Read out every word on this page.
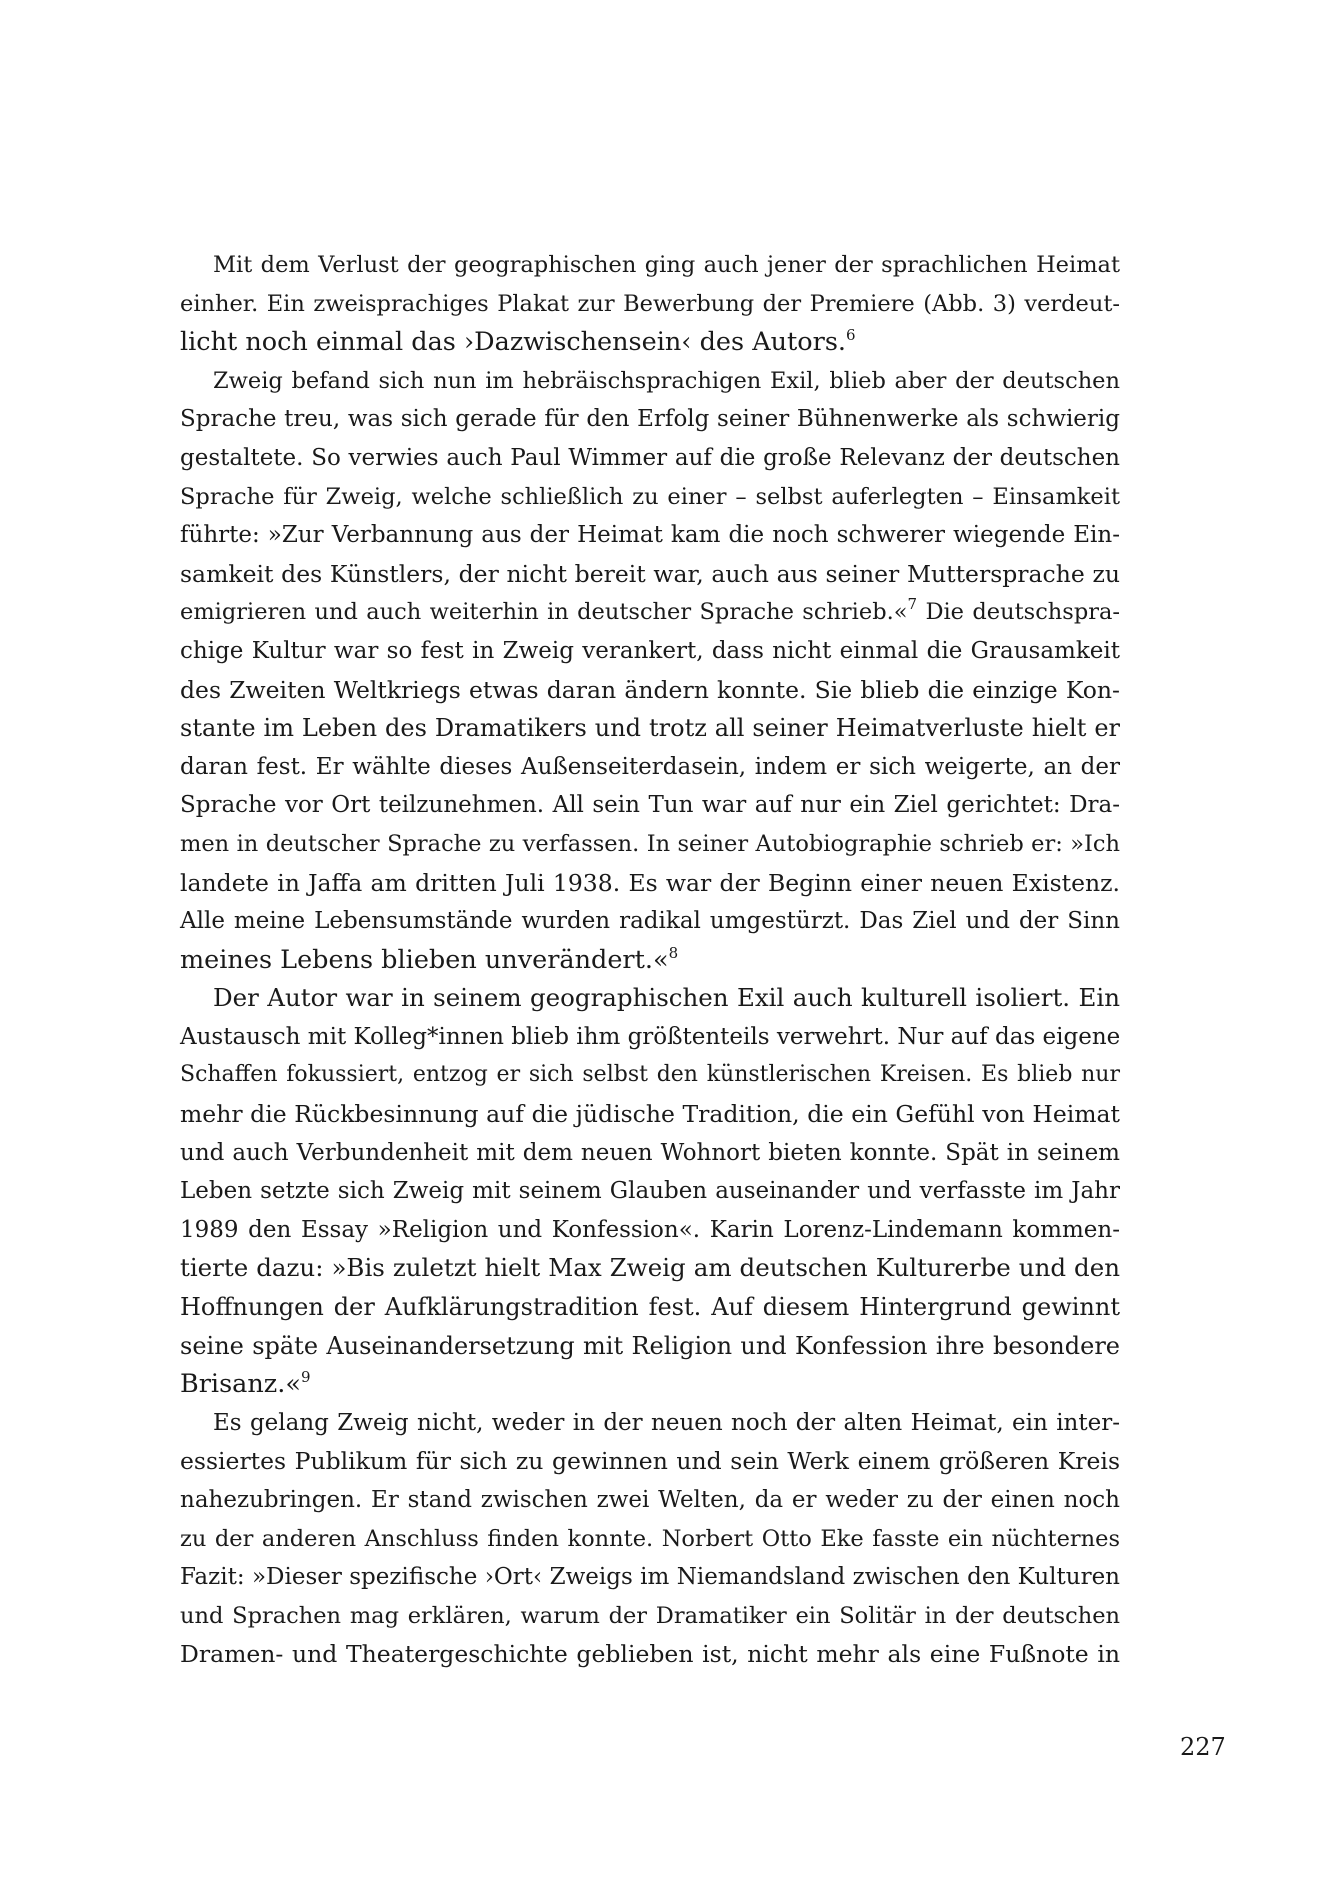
Mit dem Verlust der geographischen ging auch jener der sprachlichen Heimat
einher. Ein zweisprachiges Plakat zur Bewerbung der Premiere (Abb. 3) verdeut-
licht noch einmal das ›Dazwischensein‹ des Autors.$^6$
Zweig befand sich nun im hebräischsprachigen Exil, blieb aber der deutschen
Sprache treu, was sich gerade für den Erfolg seiner Bühnenwerke als schwierig
gestaltete. So verwies auch Paul Wimmer auf die große Relevanz der deutschen
Sprache für Zweig, welche schließlich zu einer – selbst auferlegten – Einsamkeit
führte: »Zur Verbannung aus der Heimat kam die noch schwerer wiegende Ein-
samkeit des Künstlers, der nicht bereit war, auch aus seiner Muttersprache zu
emigrieren und auch weiterhin in deutscher Sprache schrieb.«$^7$ Die deutschspra-
chige Kultur war so fest in Zweig verankert, dass nicht einmal die Grausamkeit
des Zweiten Weltkriegs etwas daran ändern konnte. Sie blieb die einzige Kon-
stante im Leben des Dramatikers und trotz all seiner Heimatverluste hielt er
daran fest. Er wählte dieses Außenseiterdasein, indem er sich weigerte, an der
Sprache vor Ort teilzunehmen. All sein Tun war auf nur ein Ziel gerichtet: Dra-
men in deutscher Sprache zu verfassen. In seiner Autobiographie schrieb er: »Ich
landete in Jaffa am dritten Juli 1938. Es war der Beginn einer neuen Existenz.
Alle meine Lebensumstände wurden radikal umgestürzt. Das Ziel und der Sinn
meines Lebens blieben unverändert.«$^8$
Der Autor war in seinem geographischen Exil auch kulturell isoliert. Ein
Austausch mit Kolleg*innen blieb ihm größtenteils verwehrt. Nur auf das eigene
Schaffen fokussiert, entzog er sich selbst den künstlerischen Kreisen. Es blieb nur
mehr die Rückbesinnung auf die jüdische Tradition, die ein Gefühl von Heimat
und auch Verbundenheit mit dem neuen Wohnort bieten konnte. Spät in seinem
Leben setzte sich Zweig mit seinem Glauben auseinander und verfasste im Jahr
1989 den Essay »Religion und Konfession«. Karin Lorenz-Lindemann kommen-
tierte dazu: »Bis zuletzt hielt Max Zweig am deutschen Kulturerbe und den
Hoffnungen der Aufklärungstradition fest. Auf diesem Hintergrund gewinnt
seine späte Auseinandersetzung mit Religion und Konfession ihre besondere
Brisanz.«$^9$
Es gelang Zweig nicht, weder in der neuen noch der alten Heimat, ein inter-
essiertes Publikum für sich zu gewinnen und sein Werk einem größeren Kreis
nahezubringen. Er stand zwischen zwei Welten, da er weder zu der einen noch
zu der anderen Anschluss finden konnte. Norbert Otto Eke fasste ein nüchternes
Fazit: »Dieser spezifische ›Ort‹ Zweigs im Niemandsland zwischen den Kulturen
und Sprachen mag erklären, warum der Dramatiker ein Solitär in der deutschen
Dramen- und Theatergeschichte geblieben ist, nicht mehr als eine Fußnote in
227
